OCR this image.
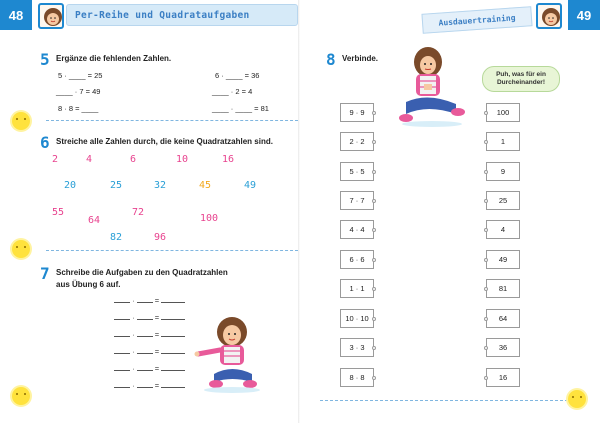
48	Per-Reihe und Quadrataufgaben
5 Ergänze die fehlenden Zahlen.
5 · ____ = 25	6 · ____ = 36
____ · 7 = 49	____ · 2 = 4
8 · 8 = ____	____ · ____ = 81
6 Streiche alle Zahlen durch, die keine Quadratzahlen sind.
2	4	6	10	16
20	25	32	45	49
55
64
72
100
82	96
7 Schreibe die Aufgaben zu den Quadratzahlen
aus Übung 6 auf.
·  =
·  =
·  =
·  =
·  =
·  =
49
Ausdauertraining
8 Verbinde.
Puh, was für ein Durcheinander!
9 · 9
2 · 2
5 · 5
7 · 7
4 · 4
6 · 6
1 · 1
10 · 10
3 · 3
8 · 8
100
1
9
25
4
49
81
64
36
16
